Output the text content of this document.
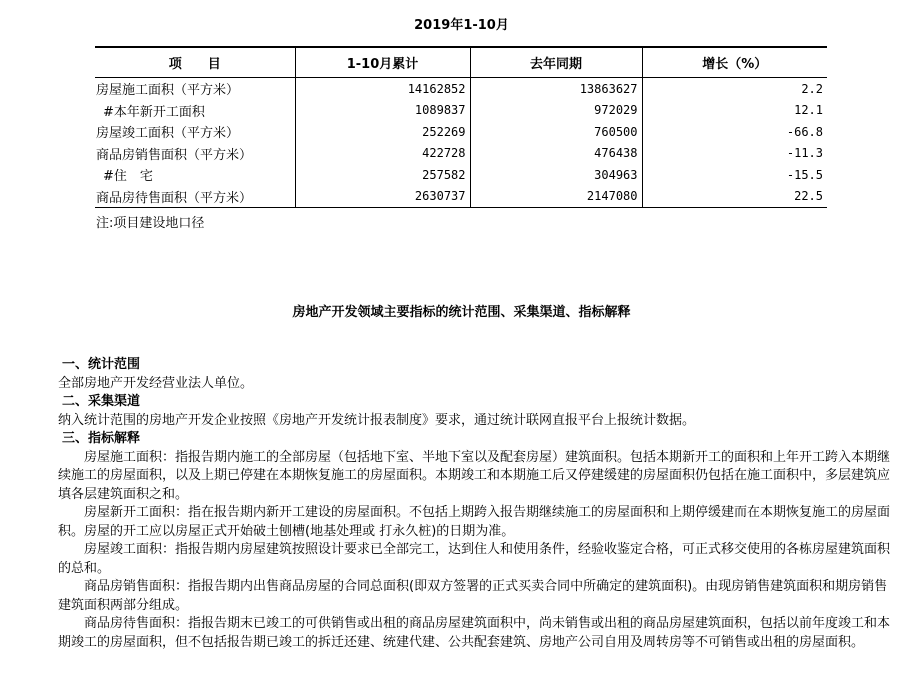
2019年1-10月
项　　目	1-10月累计	去年同期	增长（%）
房屋施工面积（平方米）	14162852	13863627	2.2
#本年新开工面积	1089837	972029	12.1
房屋竣工面积（平方米）	252269	760500	-66.8
商品房销售面积（平方米）	422728	476438	-11.3
#住　宅	257582	304963	-15.5
商品房待售面积（平方米）	2630737	2147080	22.5
注:项目建设地口径
房地产开发领域主要指标的统计范围、采集渠道、指标解释
一、统计范围
全部房地产开发经营业法人单位。
二、采集渠道
纳入统计范围的房地产开发企业按照《房地产开发统计报表制度》要求，通过统计联网直报平台上报统计数据。
三、指标解释

房屋施工面积：指报告期内施工的全部房屋（包括地下室、半地下室以及配套房屋）建筑面积。包括本期新开工的面积和上年开工跨入本期继续施工的房屋面积，以及上期已停建在本期恢复施工的房屋面积。本期竣工和本期施工后又停建缓建的房屋面积仍包括在施工面积中，多层建筑应填各层建筑面积之和。

房屋新开工面积：指在报告期内新开工建设的房屋面积。不包括上期跨入报告期继续施工的房屋面积和上期停缓建而在本期恢复施工的房屋面积。房屋的开工应以房屋正式开始破土刨槽(地基处理或 打永久桩)的日期为准。

房屋竣工面积：指报告期内房屋建筑按照设计要求已全部完工，达到住人和使用条件，经验收鉴定合格，可正式移交使用的各栋房屋建筑面积的总和。

商品房销售面积：指报告期内出售商品房屋的合同总面积(即双方签署的正式买卖合同中所确定的建筑面积)。由现房销售建筑面积和期房销售建筑面积两部分组成。

商品房待售面积：指报告期末已竣工的可供销售或出租的商品房屋建筑面积中，尚未销售或出租的商品房屋建筑面积，包括以前年度竣工和本期竣工的房屋面积，但不包括报告期已竣工的拆迁还建、统建代建、公共配套建筑、房地产公司自用及周转房等不可销售或出租的房屋面积。
